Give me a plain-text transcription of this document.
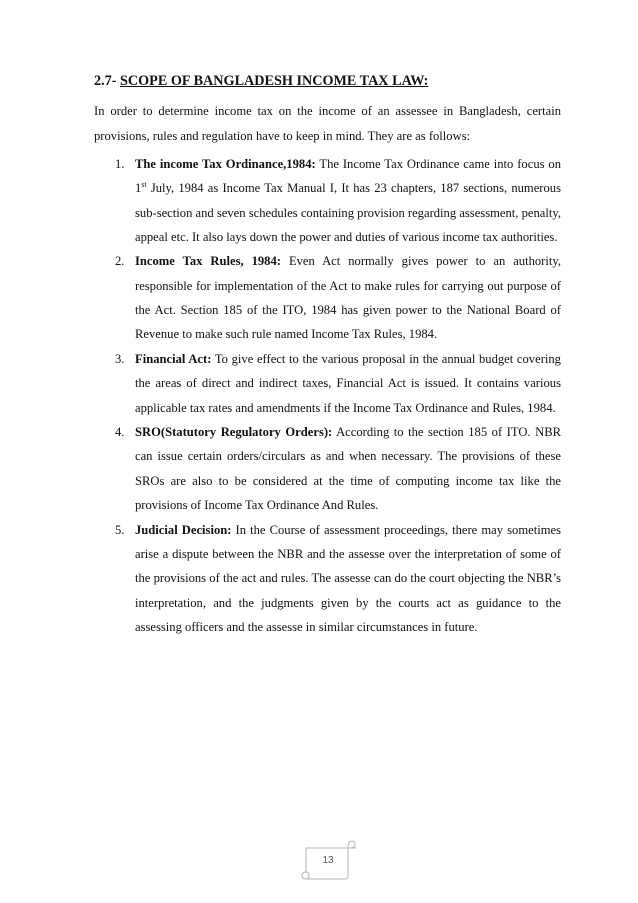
2.7- SCOPE OF BANGLADESH INCOME TAX LAW:

In order to determine income tax on the income of an assessee in Bangladesh, certain provisions, rules and regulation have to keep in mind. They are as follows:

1. The income Tax Ordinance,1984: The Income Tax Ordinance came into focus on 1st July, 1984 as Income Tax Manual I, It has 23 chapters, 187 sections, numerous sub-section and seven schedules containing provision regarding assessment, penalty, appeal etc. It also lays down the power and duties of various income tax authorities.
2. Income Tax Rules, 1984: Even Act normally gives power to an authority, responsible for implementation of the Act to make rules for carrying out purpose of the Act. Section 185 of the ITO, 1984 has given power to the National Board of Revenue to make such rule named Income Tax Rules, 1984.
3. Financial Act: To give effect to the various proposal in the annual budget covering the areas of direct and indirect taxes, Financial Act is issued. It contains various applicable tax rates and amendments if the Income Tax Ordinance and Rules, 1984.
4. SRO(Statutory Regulatory Orders): According to the section 185 of ITO. NBR can issue certain orders/circulars as and when necessary. The provisions of these SROs are also to be considered at the time of computing income tax like the provisions of Income Tax Ordinance And Rules.
5. Judicial Decision: In the Course of assessment proceedings, there may sometimes arise a dispute between the NBR and the assesse over the interpretation of some of the provisions of the act and rules. The assesse can do the court objecting the NBR’s interpretation, and the judgments given by the courts act as guidance to the assessing officers and the assesse in similar circumstances in future.
13
